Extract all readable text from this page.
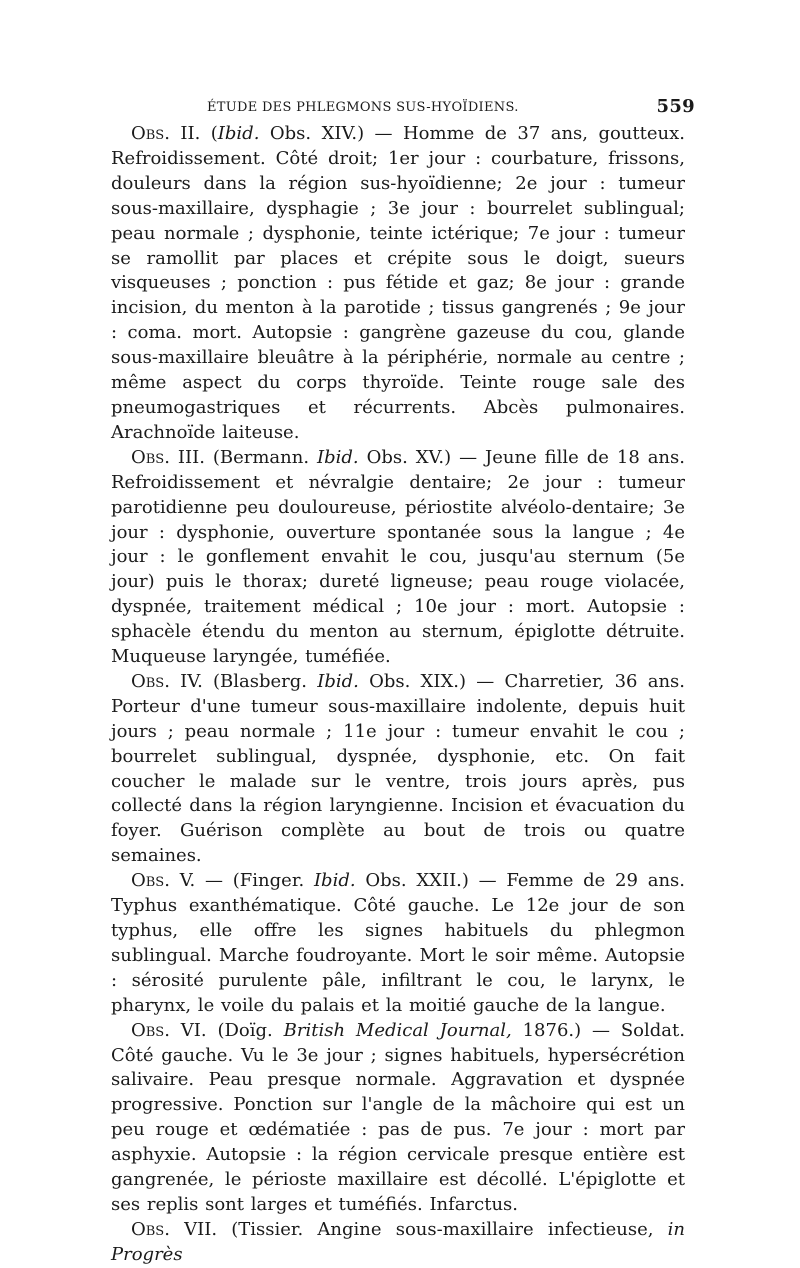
ÉTUDE DES PHLEGMONS SUS-HYOÏDIENS.	559

Obs. II. (Ibid. Obs. XIV.) — Homme de 37 ans, goutteux. Refroidissement. Côté droit; 1er jour : courbature, frissons, douleurs dans la région sus-hyoïdienne; 2e jour : tumeur sous-maxillaire, dysphagie ; 3e jour : bourrelet sublingual; peau normale ; dysphonie, teinte ictérique; 7e jour : tumeur se ramollit par places et crépite sous le doigt, sueurs visqueuses ; ponction : pus fétide et gaz; 8e jour : grande incision, du menton à la parotide ; tissus gangrenés ; 9e jour : coma. mort. Autopsie : gangrène gazeuse du cou, glande sous-maxillaire bleuâtre à la périphérie, normale au centre ; même aspect du corps thyroïde. Teinte rouge sale des pneumogastriques et récurrents. Abcès pulmonaires. Arachnoïde laiteuse.

Obs. III. (Bermann. Ibid. Obs. XV.) — Jeune fille de 18 ans. Refroidissement et névralgie dentaire; 2e jour : tumeur parotidienne peu douloureuse, périostite alvéolo-dentaire; 3e jour : dysphonie, ouverture spontanée sous la langue ; 4e jour : le gonflement envahit le cou, jusqu'au sternum (5e jour) puis le thorax; dureté ligneuse; peau rouge violacée, dyspnée, traitement médical ; 10e jour : mort. Autopsie : sphacèle étendu du menton au sternum, épiglotte détruite. Muqueuse laryngée, tuméfiée.

Obs. IV. (Blasberg. Ibid. Obs. XIX.) — Charretier, 36 ans. Porteur d'une tumeur sous-maxillaire indolente, depuis huit jours ; peau normale ; 11e jour : tumeur envahit le cou ; bourrelet sublingual, dyspnée, dysphonie, etc. On fait coucher le malade sur le ventre, trois jours après, pus collecté dans la région laryngienne. Incision et évacuation du foyer. Guérison complète au bout de trois ou quatre semaines.

Obs. V. — (Finger. Ibid. Obs. XXII.) — Femme de 29 ans. Typhus exanthématique. Côté gauche. Le 12e jour de son typhus, elle offre les signes habituels du phlegmon sublingual. Marche foudroyante. Mort le soir même. Autopsie : sérosité purulente pâle, infiltrant le cou, le larynx, le pharynx, le voile du palais et la moitié gauche de la langue.

Obs. VI. (Doïg. British Medical Journal, 1876.) — Soldat. Côté gauche. Vu le 3e jour ; signes habituels, hypersécrétion salivaire. Peau presque normale. Aggravation et dyspnée progressive. Ponction sur l'angle de la mâchoire qui est un peu rouge et œdématiée : pas de pus. 7e jour : mort par asphyxie. Autopsie : la région cervicale presque entière est gangrenée, le périoste maxillaire est décollé. L'épiglotte et ses replis sont larges et tuméfiés. Infarctus.

Obs. VII. (Tissier. Angine sous-maxillaire infectieuse, in Progrès
